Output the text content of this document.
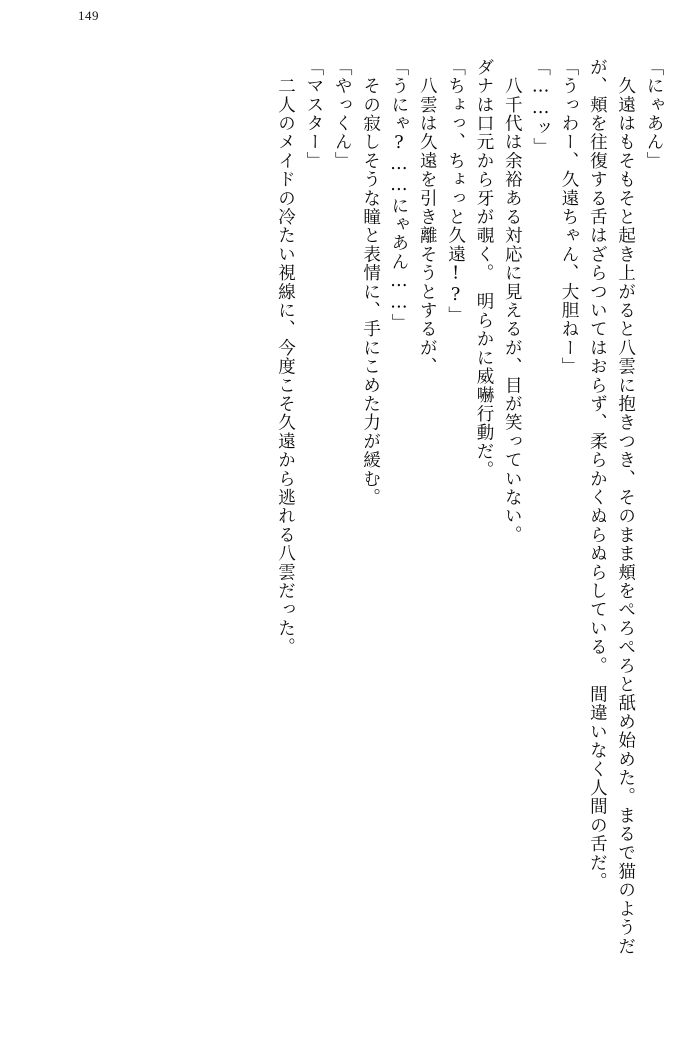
149

「にゃあん」

　久遠はもそもそと起き上がると八雲に抱きつき、そのまま頬をぺろぺろと舐め始めた。まるで猫のようだが、頬を往復する舌はざらついてはおらず、柔らかくぬらぬらしている。　間違いなく人間の舌だ。

「うっわー、久遠ちゃん、大胆ねー」

「……ッ」

　八千代は余裕ある対応に見えるが、目が笑っていない。

ダナは口元から牙が覗く。　明らかに威嚇行動だ。

「ちょっ、ちょっと久遠!?」

　八雲は久遠を引き離そうとするが、

「うにゃ?……にゃあん……」

　その寂しそうな瞳と表情に、手にこめた力が緩む。

「やっくん」

「マスター」

　二人のメイドの冷たい視線に、今度こそ久遠から逃れる八雲だった。
